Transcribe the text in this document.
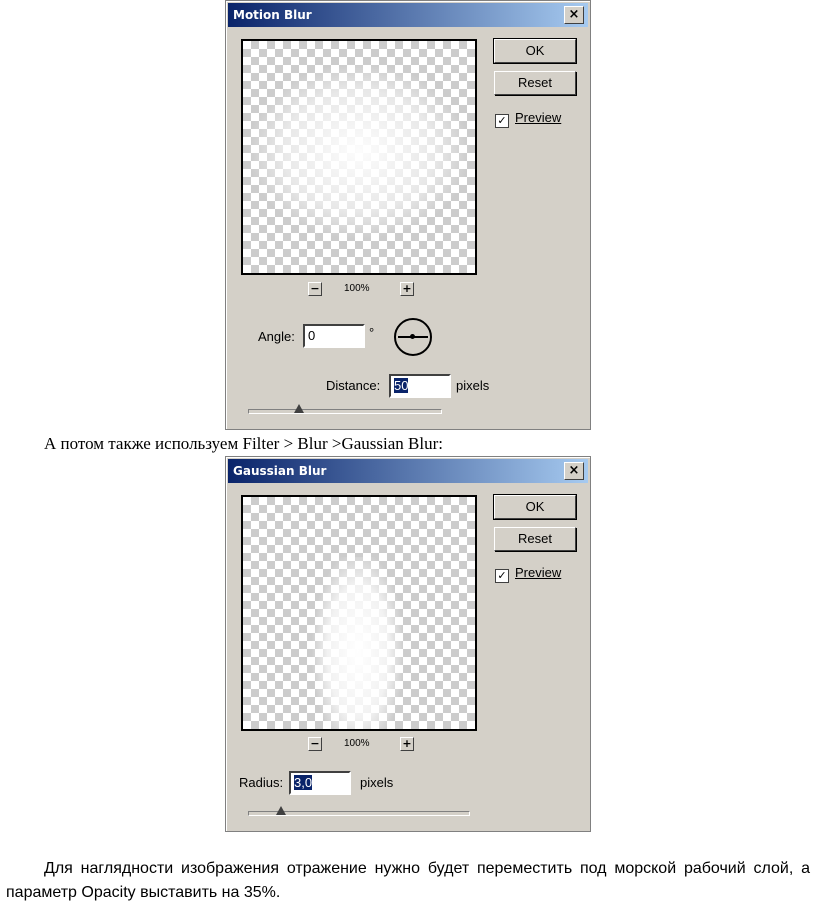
Motion Blur	×
− 100%	+
OK
Reset
✓ Preview
Angle:	0	°
Distance:	50	pixels
А потом также используем Filter > Blur >Gaussian Blur:
Gaussian Blur	×
− 100%	+
OK
Reset
✓ Preview
Radius: 3,0	pixels
Для наглядности изображения отражение нужно будет переместить под морской рабочий слой, а параметр Opacity выставить на 35%.
